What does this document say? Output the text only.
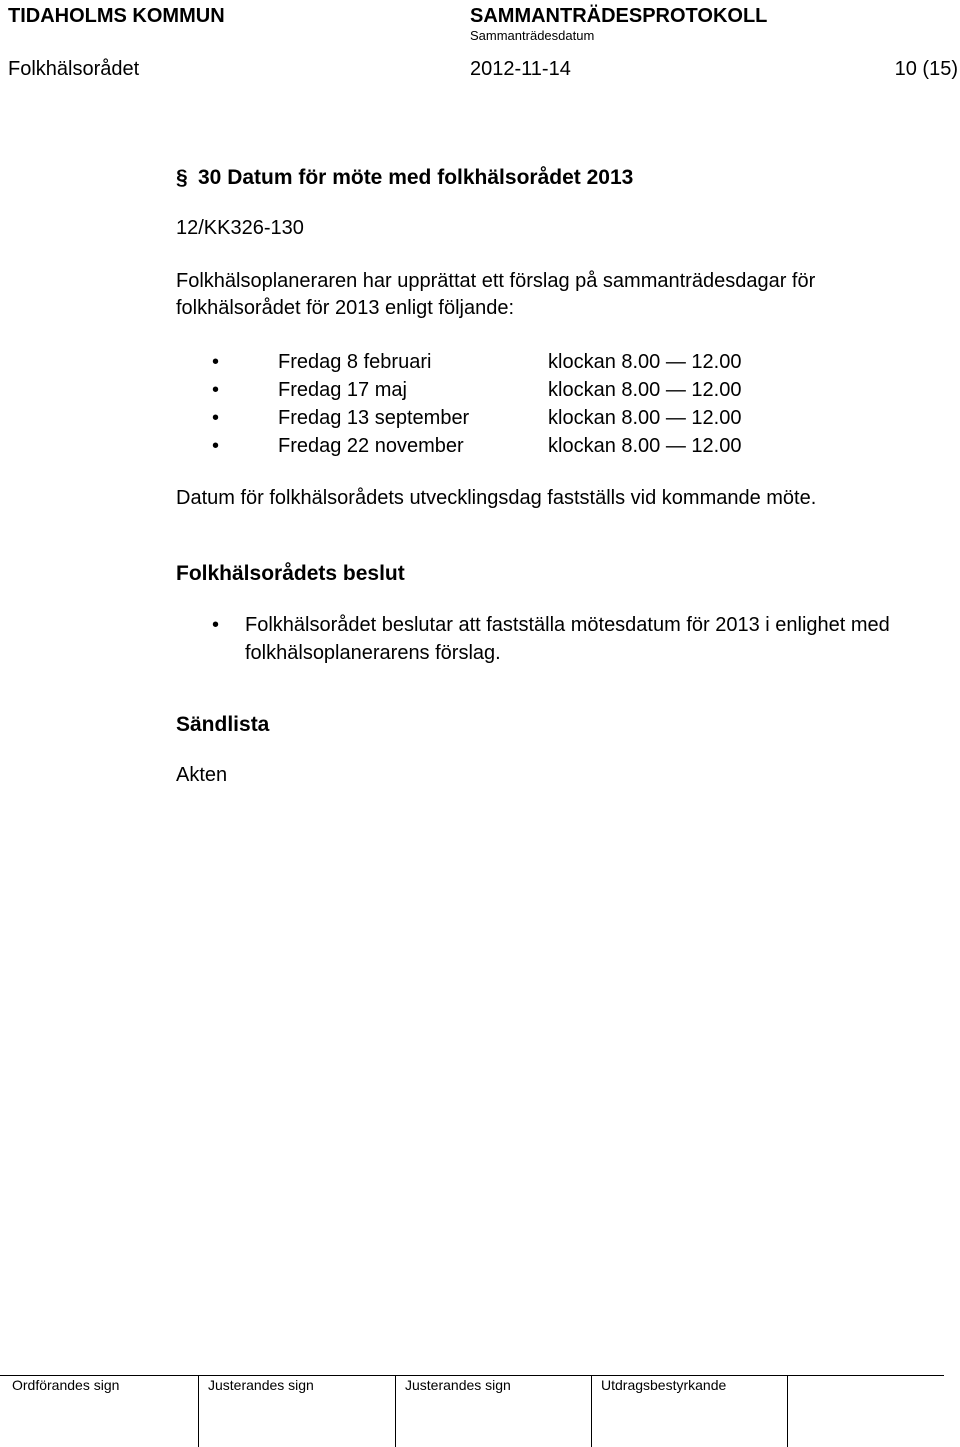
TIDAHOLMS KOMMUN	SAMMANTRÄDESPROTOKOLL
Sammanträdesdatum
Folkhälsorådet	2012-11-14	10 (15)
§ 30 Datum för möte med folkhälsorådet 2013
12/KK326-130
Folkhälsoplaneraren har upprättat ett förslag på sammanträdesdagar för folkhälsorådet för 2013 enligt följande:
•	Fredag 8 februari	klockan 8.00 — 12.00
•	Fredag 17 maj	klockan 8.00 — 12.00
•	Fredag 13 september	klockan 8.00 — 12.00
•	Fredag 22 november	klockan 8.00 — 12.00
Datum för folkhälsorådets utvecklingsdag fastställs vid kommande möte.
Folkhälsorådets beslut
• Folkhälsorådet beslutar att fastställa mötesdatum för 2013 i enlighet med folkhälsoplanerarens förslag.
Sändlista
Akten
Ordförandes sign	Justerandes sign	Justerandes sign	Utdragsbestyrkande
